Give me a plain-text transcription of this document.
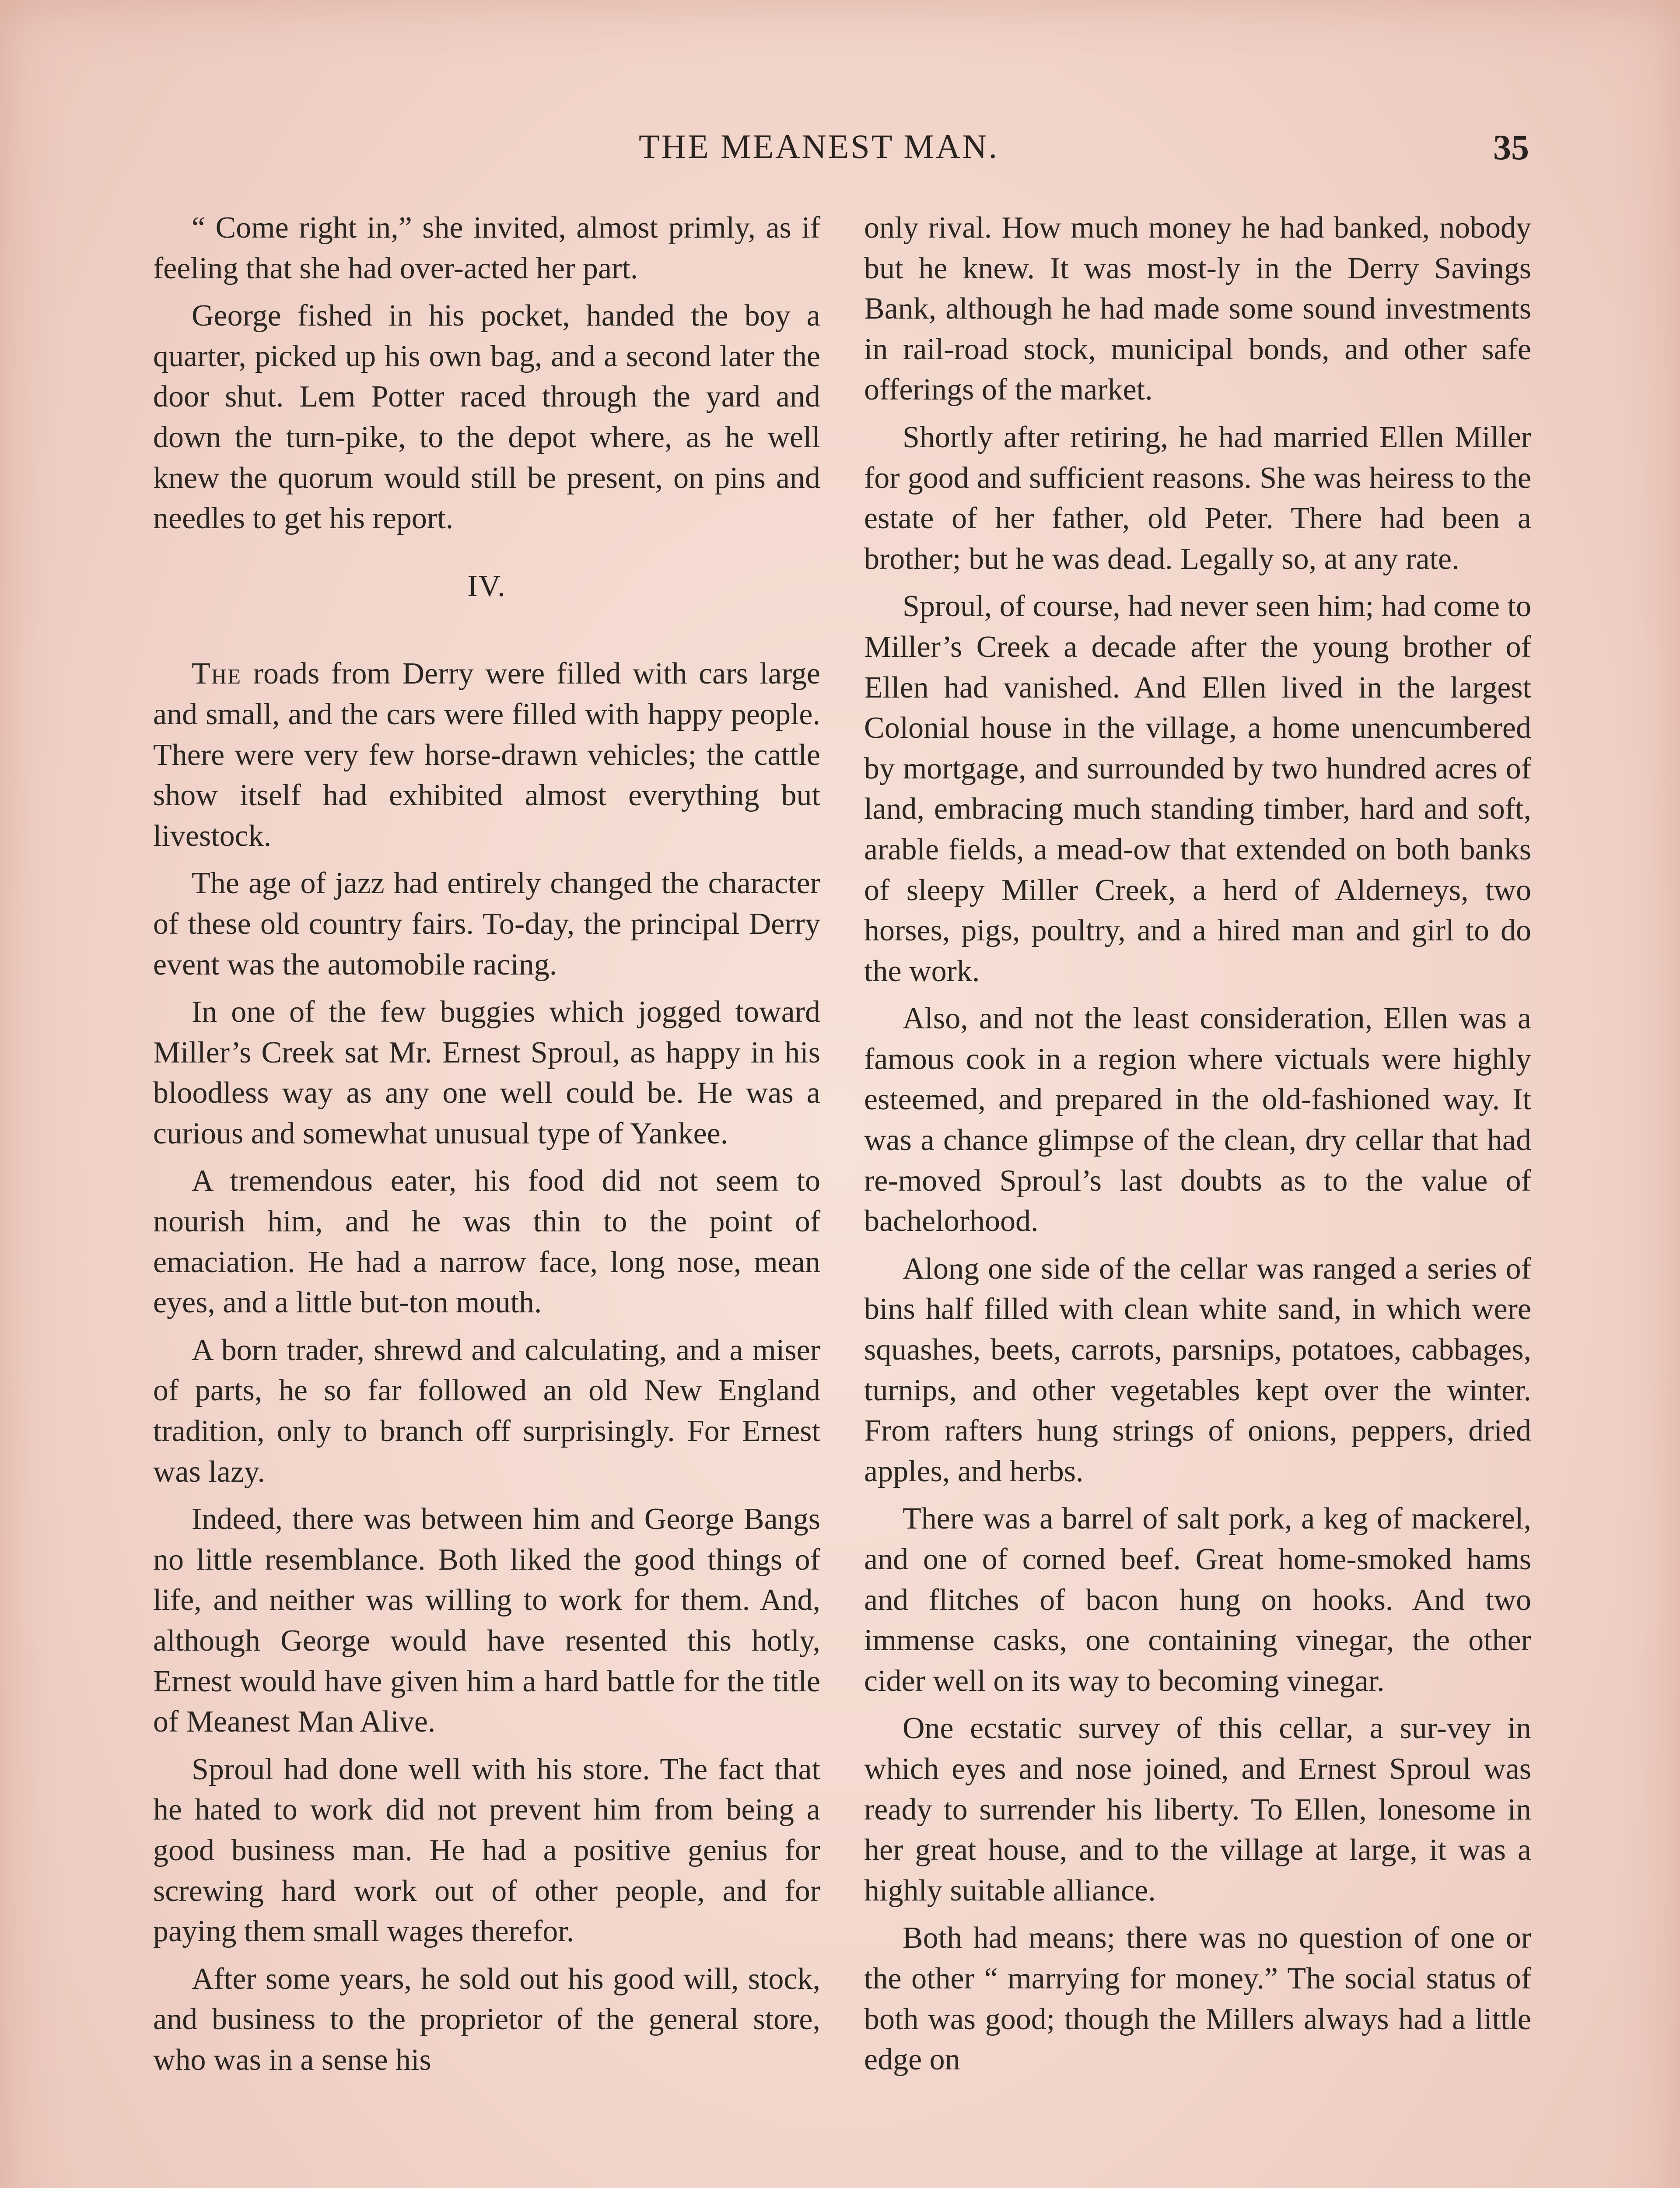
THE MEANEST MAN.	35

“ Come right in,” she invited, almost primly, as if feeling that she had over-acted her part.

George fished in his pocket, handed the boy a quarter, picked up his own bag, and a second later the door shut. Lem Potter raced through the yard and down the turn-pike, to the depot where, as he well knew the quorum would still be present, on pins and needles to get his report.

IV.

The roads from Derry were filled with cars large and small, and the cars were filled with happy people. There were very few horse-drawn vehicles; the cattle show itself had exhibited almost everything but livestock.

The age of jazz had entirely changed the character of these old country fairs. To-day, the principal Derry event was the automobile racing.

In one of the few buggies which jogged toward Miller’s Creek sat Mr. Ernest Sproul, as happy in his bloodless way as any one well could be. He was a curious and somewhat unusual type of Yankee.

A tremendous eater, his food did not seem to nourish him, and he was thin to the point of emaciation. He had a narrow face, long nose, mean eyes, and a little but-ton mouth.

A born trader, shrewd and calculating, and a miser of parts, he so far followed an old New England tradition, only to branch off surprisingly. For Ernest was lazy.

Indeed, there was between him and George Bangs no little resemblance. Both liked the good things of life, and neither was willing to work for them. And, although George would have resented this hotly, Ernest would have given him a hard battle for the title of Meanest Man Alive.

Sproul had done well with his store. The fact that he hated to work did not prevent him from being a good business man. He had a positive genius for screwing hard work out of other people, and for paying them small wages therefor.

After some years, he sold out his good will, stock, and business to the proprietor of the general store, who was in a sense his

only rival. How much money he had banked, nobody but he knew. It was most-ly in the Derry Savings Bank, although he had made some sound investments in rail-road stock, municipal bonds, and other safe offerings of the market.

Shortly after retiring, he had married Ellen Miller for good and sufficient reasons. She was heiress to the estate of her father, old Peter. There had been a brother; but he was dead. Legally so, at any rate.

Sproul, of course, had never seen him; had come to Miller’s Creek a decade after the young brother of Ellen had vanished. And Ellen lived in the largest Colonial house in the village, a home unencumbered by mortgage, and surrounded by two hundred acres of land, embracing much standing timber, hard and soft, arable fields, a mead-ow that extended on both banks of sleepy Miller Creek, a herd of Alderneys, two horses, pigs, poultry, and a hired man and girl to do the work.

Also, and not the least consideration, Ellen was a famous cook in a region where victuals were highly esteemed, and prepared in the old-fashioned way. It was a chance glimpse of the clean, dry cellar that had re-moved Sproul’s last doubts as to the value of bachelorhood.

Along one side of the cellar was ranged a series of bins half filled with clean white sand, in which were squashes, beets, carrots, parsnips, potatoes, cabbages, turnips, and other vegetables kept over the winter. From rafters hung strings of onions, peppers, dried apples, and herbs.

There was a barrel of salt pork, a keg of mackerel, and one of corned beef. Great home-smoked hams and flitches of bacon hung on hooks. And two immense casks, one containing vinegar, the other cider well on its way to becoming vinegar.

One ecstatic survey of this cellar, a sur-vey in which eyes and nose joined, and Ernest Sproul was ready to surrender his liberty. To Ellen, lonesome in her great house, and to the village at large, it was a highly suitable alliance.

Both had means; there was no question of one or the other “ marrying for money.” The social status of both was good; though the Millers always had a little edge on
